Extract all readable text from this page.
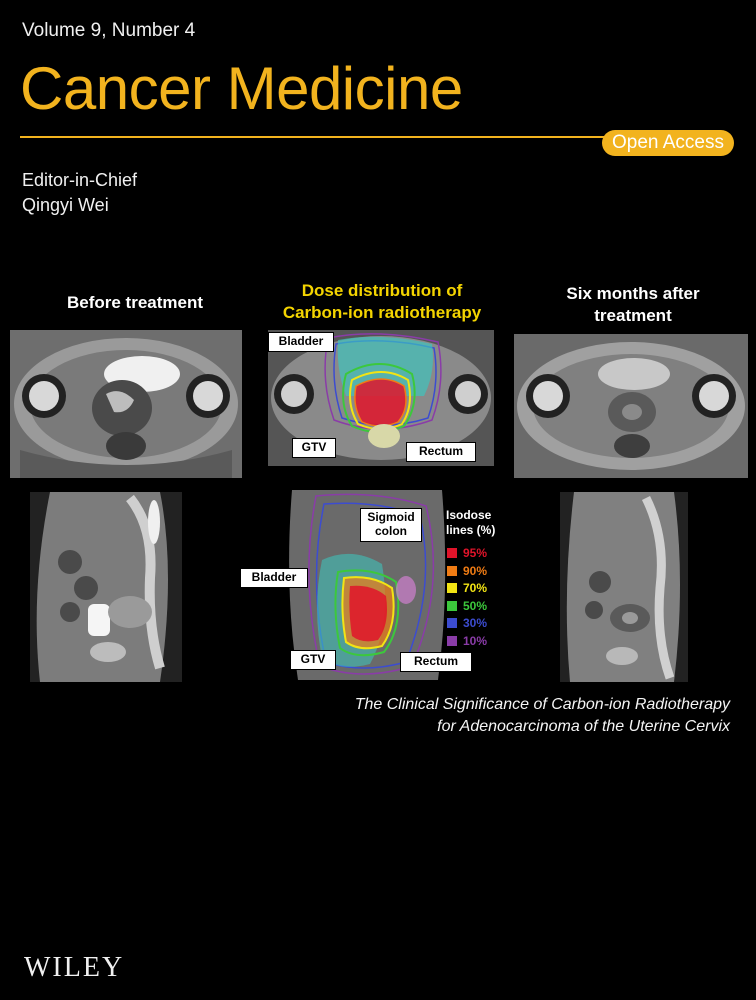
Volume 9, Number 4
Cancer Medicine
Open Access
Editor-in-Chief
Qingyi Wei
Before treatment
Dose distribution of
Carbon-ion radiotherapy
Six months after
treatment
Bladder
GTV	Rectum
Sigmoid
colon
Bladder
GTV	Rectum
Isodose
lines (%)
95%
90%
70%
50%
30%
10%
The Clinical Significance of Carbon-ion Radiotherapy
for Adenocarcinoma of the Uterine Cervix
WILEY
